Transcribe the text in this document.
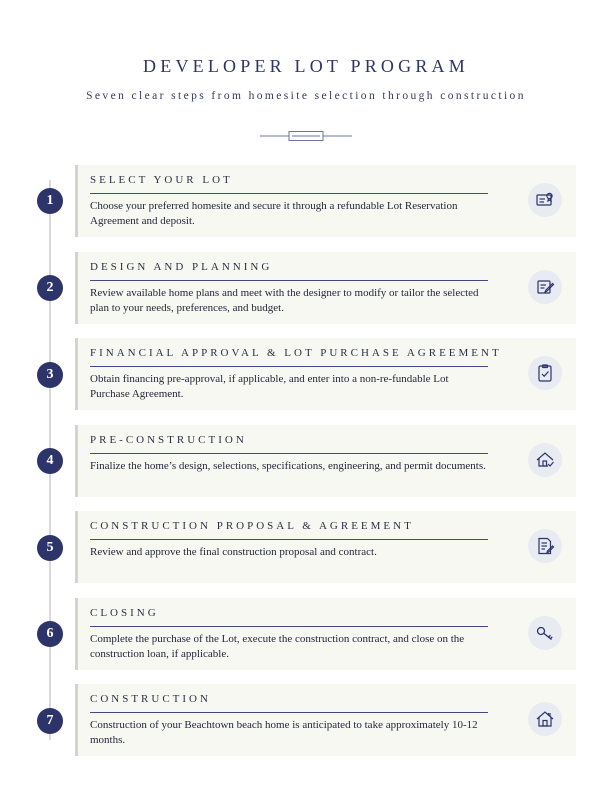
DEVELOPER LOT PROGRAM
Seven clear steps from homesite selection through construction
1
SELECT YOUR LOT
Choose your preferred homesite and secure it through a refundable Lot Reservation Agreement and deposit.
2
DESIGN AND PLANNING
Review available home plans and meet with the designer to modify or tailor the selected plan to your needs, preferences, and budget.
3
FINANCIAL APPROVAL & LOT PURCHASE AGREEMENT
Obtain financing pre-approval, if applicable, and enter into a non-re-fundable Lot Purchase Agreement.
4
PRE-CONSTRUCTION
Finalize the home’s design, selections, specifications, engineering, and permit documents.
5
CONSTRUCTION PROPOSAL & AGREEMENT
Review and approve the final construction proposal and contract.
6
CLOSING
Complete the purchase of the Lot, execute the construction contract, and close on the construction loan, if applicable.
7
CONSTRUCTION
Construction of your Beachtown beach home is anticipated to take approximately 10-12 months.
